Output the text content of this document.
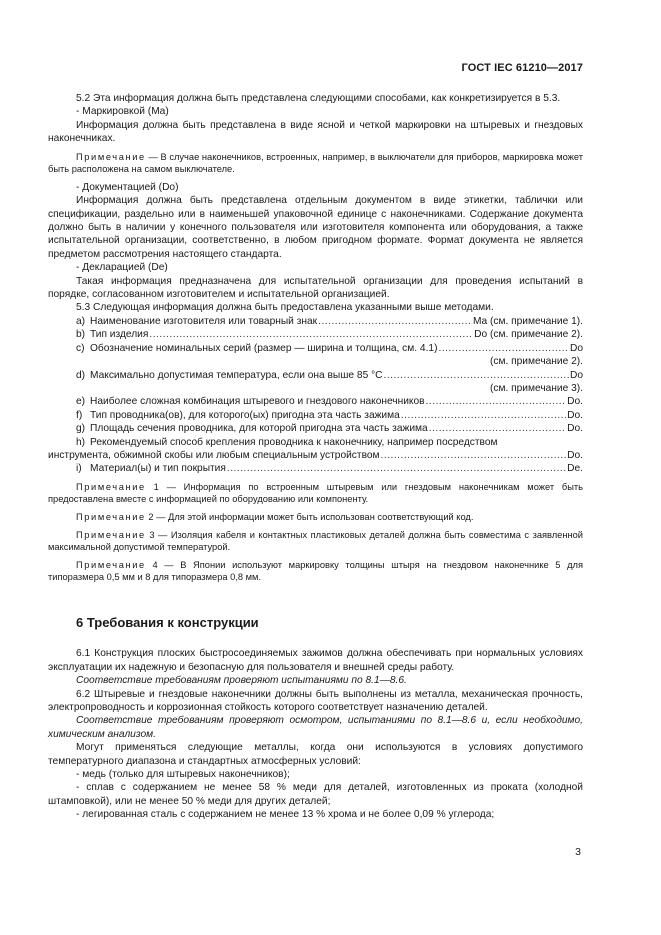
ГОСТ IEC 61210—2017

5.2 Эта информация должна быть представлена следующими способами, как конкретизируется в 5.3.

- Маркировкой (Ma)

Информация должна быть представлена в виде ясной и четкой маркировки на штыревых и гнездовых наконечниках.

Примечание — В случае наконечников, встроенных, например, в выключатели для приборов, маркировка может быть расположена на самом выключателе.

- Документацией (Do)

Информация должна быть представлена отдельным документом в виде этикетки, таблички или спецификации, раздельно или в наименьшей упаковочной единице с наконечниками. Содержание документа должно быть в наличии у конечного пользователя или изготовителя компонента или оборудования, а также испытательной организации, соответственно, в любом пригодном формате. Формат документа не является предметом рассмотрения настоящего стандарта.

- Декларацией (De)

Такая информация предназначена для испытательной организации для проведения испытаний в порядке, согласованном изготовителем и испытательной организацией.

5.3 Следующая информация должна быть предоставлена указанными выше методами.

a) Наименование изготовителя или товарный знак .....	Ma (см. примечание 1).
b) Тип изделия .....	Do (см. примечание 2).
c) Обозначение номинальных серий (размер — ширина и толщина, см. 4.1) .....	Do
(см. примечание 2).
d) Максимально допустимая температура, если она выше 85 °С .....	Do
(см. примечание 3).
e) Наиболее сложная комбинация штыревого и гнездового наконечников .....	Do.
f) Тип проводника(ов), для которого(ых) пригодна эта часть зажима .....	Do.
g) Площадь сечения проводника, для которой пригодна эта часть зажима .....	Do.
h) Рекомендуемый способ крепления проводника к наконечнику, например посредством
инструмента, обжимной скобы или любым специальным устройством .....	Do.
i) Материал(ы) и тип покрытия .....	De.

Примечание 1 — Информация по встроенным штыревым или гнездовым наконечникам может быть предоставлена вместе с информацией по оборудованию или компоненту.

Примечание 2 — Для этой информации может быть использован соответствующий код.

Примечание 3 — Изоляция кабеля и контактных пластиковых деталей должна быть совместима с заявленной максимальной допустимой температурой.

Примечание 4 — В Японии используют маркировку толщины штыря на гнездовом наконечнике 5 для типоразмера 0,5 мм и 8 для типоразмера 0,8 мм.

6 Требования к конструкции

6.1 Конструкция плоских быстросоединяемых зажимов должна обеспечивать при нормальных условиях эксплуатации их надежную и безопасную для пользователя и внешней среды работу.

Соответствие требованиям проверяют испытаниями по 8.1—8.6.

6.2 Штыревые и гнездовые наконечники должны быть выполнены из металла, механическая прочность, электропроводность и коррозионная стойкость которого соответствует назначению деталей.

Соответствие требованиям проверяют осмотром, испытаниями по 8.1—8.6 и, если необходимо, химическим анализом.

Могут применяться следующие металлы, когда они используются в условиях допустимого температурного диапазона и стандартных атмосферных условий:

- медь (только для штыревых наконечников);

- сплав с содержанием не менее 58 % меди для деталей, изготовленных из проката (холодной штамповкой), или не менее 50 % меди для других деталей;

- легированная сталь с содержанием не менее 13 % хрома и не более 0,09 % углерода;

3
